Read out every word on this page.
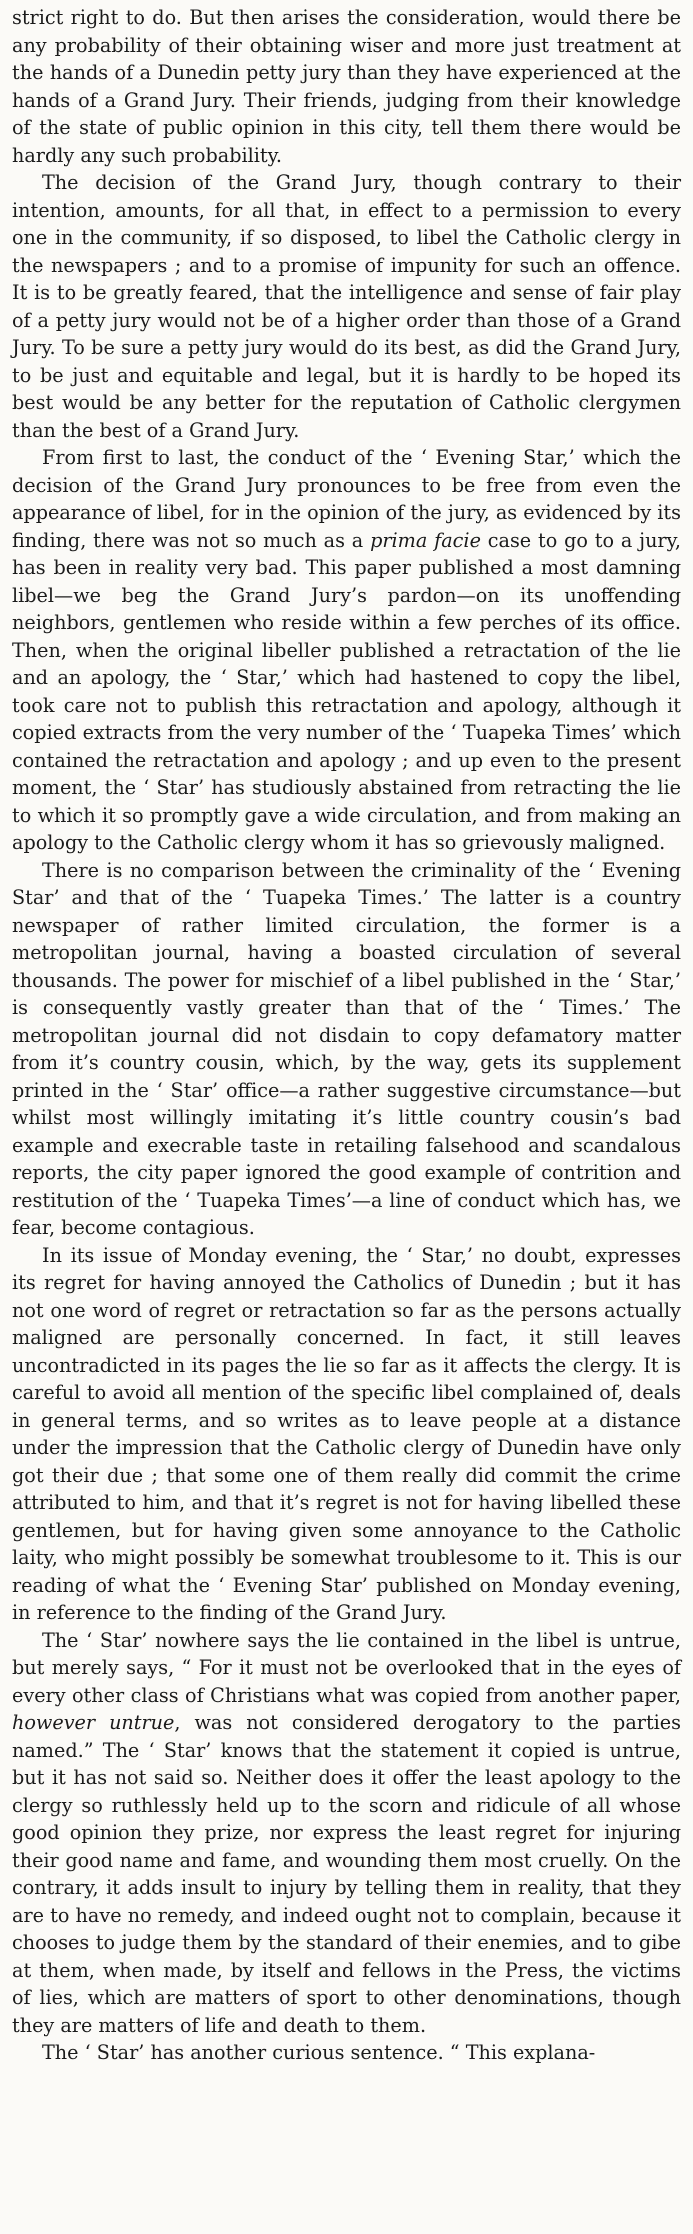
strict right to do. But then arises the consideration, would there be any probability of their obtaining wiser and more just treatment at the hands of a Dunedin petty jury than they have experienced at the hands of a Grand Jury. Their friends, judging from their knowledge of the state of public opinion in this city, tell them there would be hardly any such probability.

The decision of the Grand Jury, though contrary to their intention, amounts, for all that, in effect to a permission to every one in the community, if so disposed, to libel the Catholic clergy in the newspapers ; and to a promise of impunity for such an offence. It is to be greatly feared, that the intelligence and sense of fair play of a petty jury would not be of a higher order than those of a Grand Jury. To be sure a petty jury would do its best, as did the Grand Jury, to be just and equitable and legal, but it is hardly to be hoped its best would be any better for the reputation of Catholic clergymen than the best of a Grand Jury.

From first to last, the conduct of the ‘ Evening Star,’ which the decision of the Grand Jury pronounces to be free from even the appearance of libel, for in the opinion of the jury, as evidenced by its finding, there was not so much as a prima facie case to go to a jury, has been in reality very bad. This paper published a most damning libel—we beg the Grand Jury’s pardon—on its unoffending neighbors, gentlemen who reside within a few perches of its office. Then, when the original libeller published a retractation of the lie and an apology, the ‘ Star,’ which had hastened to copy the libel, took care not to publish this retractation and apology, although it copied extracts from the very number of the ‘ Tuapeka Times’ which contained the retractation and apology ; and up even to the present moment, the ‘ Star’ has studiously abstained from retracting the lie to which it so promptly gave a wide circulation, and from making an apology to the Catholic clergy whom it has so grievously maligned.

There is no comparison between the criminality of the ‘ Evening Star’ and that of the ‘ Tuapeka Times.’ The latter is a country newspaper of rather limited circulation, the former is a metropolitan journal, having a boasted circulation of several thousands. The power for mischief of a libel published in the ‘ Star,’ is consequently vastly greater than that of the ‘ Times.’ The metropolitan journal did not disdain to copy defamatory matter from it’s country cousin, which, by the way, gets its supplement printed in the ‘ Star’ office—a rather suggestive circumstance—but whilst most willingly imitating it’s little country cousin’s bad example and execrable taste in retailing falsehood and scandalous reports, the city paper ignored the good example of contrition and restitution of the ‘ Tuapeka Times’—a line of conduct which has, we fear, become contagious.

In its issue of Monday evening, the ‘ Star,’ no doubt, expresses its regret for having annoyed the Catholics of Dunedin ; but it has not one word of regret or retractation so far as the persons actually maligned are personally concerned. In fact, it still leaves uncontradicted in its pages the lie so far as it affects the clergy. It is careful to avoid all mention of the specific libel complained of, deals in general terms, and so writes as to leave people at a distance under the impression that the Catholic clergy of Dunedin have only got their due ; that some one of them really did commit the crime attributed to him, and that it’s regret is not for having libelled these gentlemen, but for having given some annoyance to the Catholic laity, who might possibly be somewhat troublesome to it. This is our reading of what the ‘ Evening Star’ published on Monday evening, in reference to the finding of the Grand Jury.

The ‘ Star’ nowhere says the lie contained in the libel is untrue, but merely says, “ For it must not be overlooked that in the eyes of every other class of Christians what was copied from another paper, however untrue, was not considered derogatory to the parties named.” The ‘ Star’ knows that the statement it copied is untrue, but it has not said so. Neither does it offer the least apology to the clergy so ruthlessly held up to the scorn and ridicule of all whose good opinion they prize, nor express the least regret for injuring their good name and fame, and wounding them most cruelly. On the contrary, it adds insult to injury by telling them in reality, that they are to have no remedy, and indeed ought not to complain, because it chooses to judge them by the standard of their enemies, and to gibe at them, when made, by itself and fellows in the Press, the victims of lies, which are matters of sport to other denominations, though they are matters of life and death to them.

The ‘ Star’ has another curious sentence. “ This explana-
